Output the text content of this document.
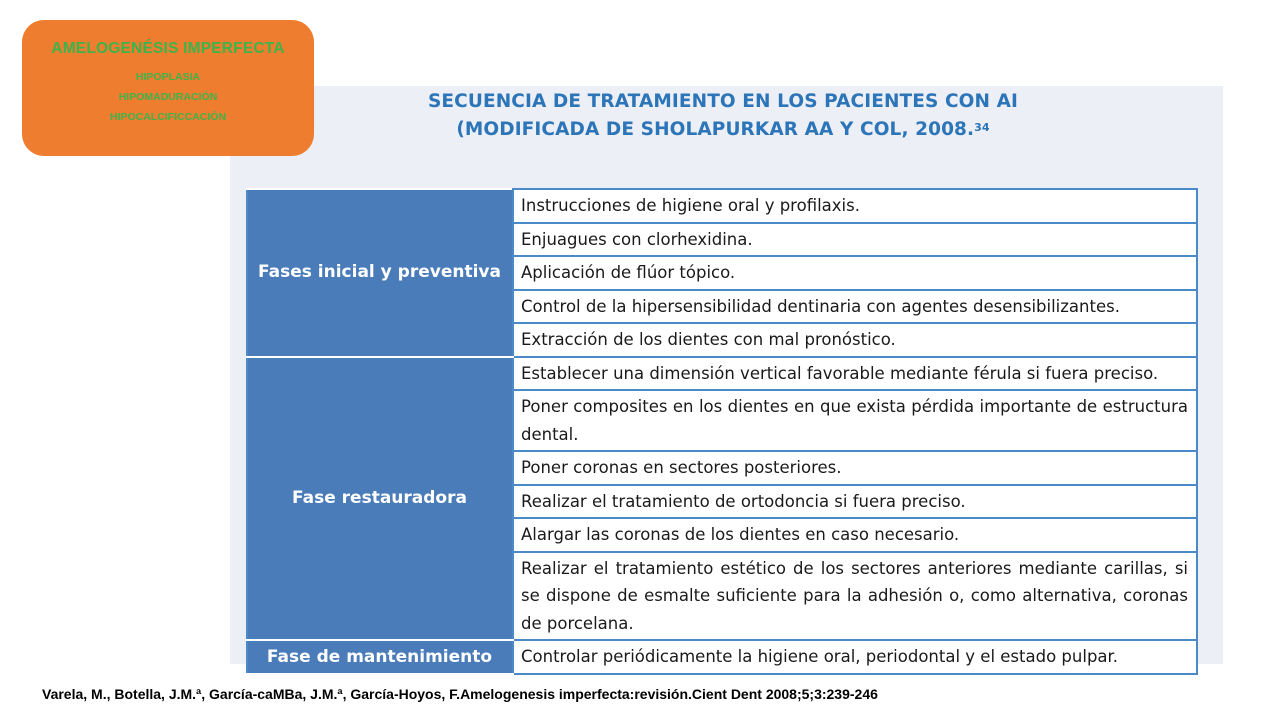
AMELOGENÉSIS IMPERFECTA
HIPOPLASIA
HIPOMADURACIÓN
HIPOCALCIFICCACIÓN
SECUENCIA DE TRATAMIENTO EN LOS PACIENTES CON AI
(MODIFICADA DE SHOLAPURKAR AA Y COL, 2008.34
Fases inicial y preventiva	Instrucciones de higiene oral y profilaxis.
	Enjuagues con clorhexidina.
	Aplicación de flúor tópico.
	Control de la hipersensibilidad dentinaria con agentes desensibilizantes.
	Extracción de los dientes con mal pronóstico.
Fase restauradora	Establecer una dimensión vertical favorable mediante férula si fuera preciso.
	Poner composites en los dientes en que exista pérdida importante de estructura dental.
	Poner coronas en sectores posteriores.
	Realizar el tratamiento de ortodoncia si fuera preciso.
	Alargar las coronas de los dientes en caso necesario.
	Realizar el tratamiento estético de los sectores anteriores mediante carillas, si se dispone de esmalte suficiente para la adhesión o, como alternativa, coronas de porcelana.
Fase de mantenimiento	Controlar periódicamente la higiene oral, periodontal y el estado pulpar.
Varela, M., Botella, J.M.ª, García-caMBa, J.M.ª, García-Hoyos, F.Amelogenesis imperfecta:revisión.Cient Dent 2008;5;3:239-246
